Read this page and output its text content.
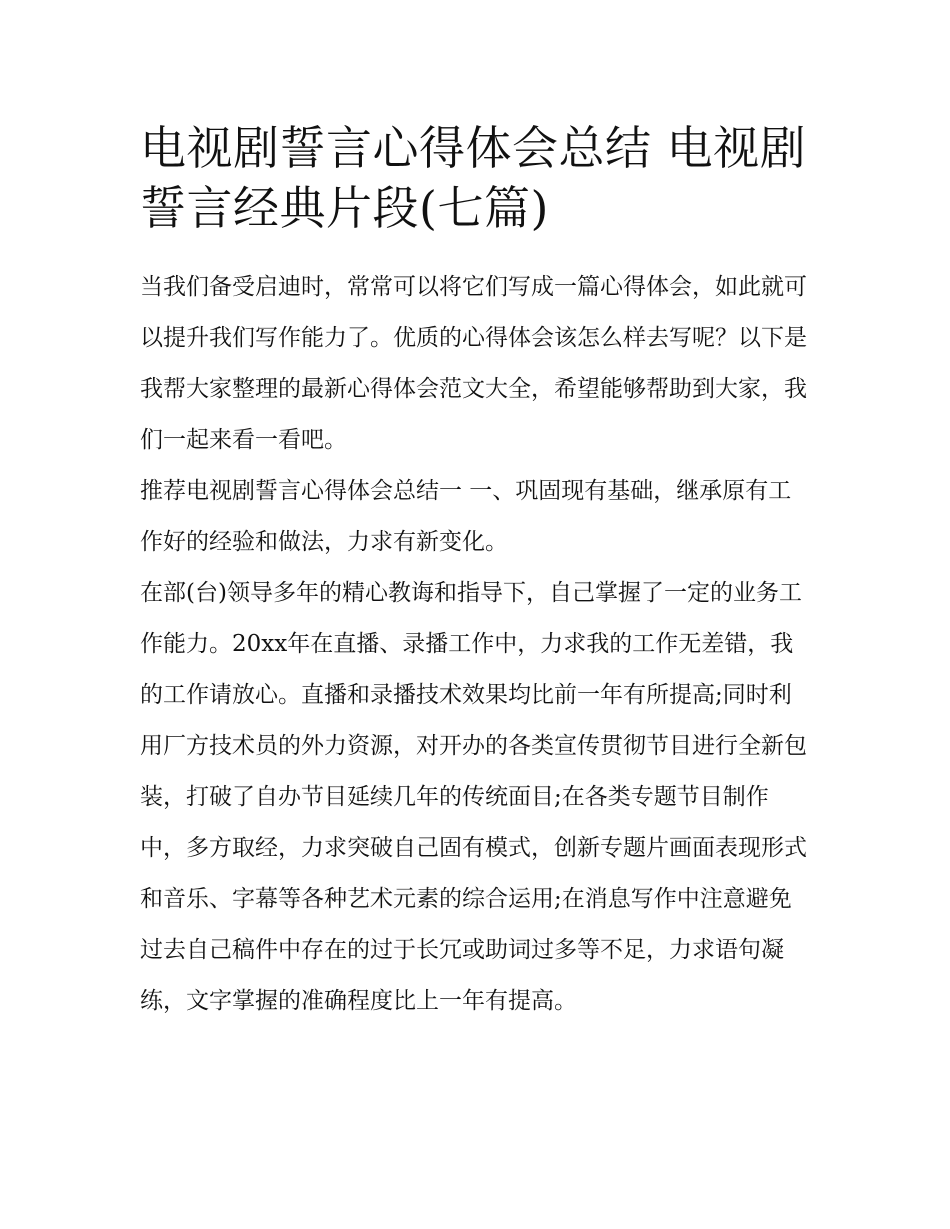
电视剧誓言心得体会总结 电视剧誓言经典片段(七篇)

当我们备受启迪时，常常可以将它们写成一篇心得体会，如此就可以提升我们写作能力了。优质的心得体会该怎么样去写呢？以下是我帮大家整理的最新心得体会范文大全，希望能够帮助到大家，我们一起来看一看吧。

推荐电视剧誓言心得体会总结一 一、巩固现有基础，继承原有工作好的经验和做法，力求有新变化。

在部(台)领导多年的精心教诲和指导下，自己掌握了一定的业务工作能力。20xx年在直播、录播工作中，力求我的工作无差错，我的工作请放心。直播和录播技术效果均比前一年有所提高;同时利用厂方技术员的外力资源，对开办的各类宣传贯彻节目进行全新包装，打破了自办节目延续几年的传统面目;在各类专题节目制作中，多方取经，力求突破自己固有模式，创新专题片画面表现形式和音乐、字幕等各种艺术元素的综合运用;在消息写作中注意避免过去自己稿件中存在的过于长冗或助词过多等不足，力求语句凝练，文字掌握的准确程度比上一年有提高。
